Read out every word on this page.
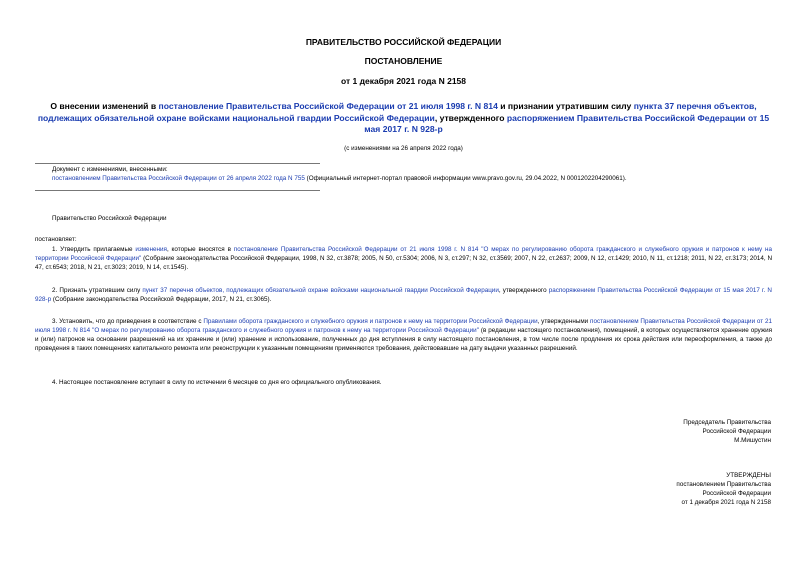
ПРАВИТЕЛЬСТВО РОССИЙСКОЙ ФЕДЕРАЦИИ
ПОСТАНОВЛЕНИЕ
от 1 декабря 2021 года N 2158
О внесении изменений в постановление Правительства Российской Федерации от 21 июля 1998 г. N 814 и признании утратившим силу пункта 37 перечня объектов, подлежащих обязательной охране войсками национальной гвардии Российской Федерации, утвержденного распоряжением Правительства Российской Федерации от 15 мая 2017 г. N 928-р
(с изменениями на 26 апреля 2022 года)
Документ с изменениями, внесенными:
постановлением Правительства Российской Федерации от 26 апреля 2022 года N 755 (Официальный интернет-портал правовой информации www.pravo.gov.ru, 29.04.2022, N 0001202204290061).
Правительство Российской Федерации
постановляет:
1. Утвердить прилагаемые изменения, которые вносятся в постановление Правительства Российской Федерации от 21 июля 1998 г. N 814 "О мерах по регулированию оборота гражданского и служебного оружия и патронов к нему на территории Российской Федерации" (Собрание законодательства Российской Федерации, 1998, N 32, ст.3878; 2005, N 50, ст.5304; 2006, N 3, ст.297; N 32, ст.3569; 2007, N 22, ст.2637; 2009, N 12, ст.1429; 2010, N 11, ст.1218; 2011, N 22, ст.3173; 2014, N 47, ст.6543; 2018, N 21, ст.3023; 2019, N 14, ст.1545).
2. Признать утратившим силу пункт 37 перечня объектов, подлежащих обязательной охране войсками национальной гвардии Российской Федерации, утвержденного распоряжением Правительства Российской Федерации от 15 мая 2017 г. N 928-р (Собрание законодательства Российской Федерации, 2017, N 21, ст.3065).
3. Установить, что до приведения в соответствие с Правилами оборота гражданского и служебного оружия и патронов к нему на территории Российской Федерации, утвержденными постановлением Правительства Российской Федерации от 21 июля 1998 г. N 814 "О мерах по регулированию оборота гражданского и служебного оружия и патронов к нему на территории Российской Федерации" (в редакции настоящего постановления), помещений, в которых осуществляется хранение оружия и (или) патронов на основании разрешений на их хранение и (или) хранение и использование, полученных до дня вступления в силу настоящего постановления, в том числе после продления их срока действия или переоформления, а также до проведения в таких помещениях капитального ремонта или реконструкции к указанным помещениям применяются требования, действовавшие на дату выдачи указанных разрешений.
4. Настоящее постановление вступает в силу по истечении 6 месяцев со дня его официального опубликования.
Председатель Правительства
Российской Федерации
М.Мишустин
УТВЕРЖДЕНЫ
постановлением Правительства
Российской Федерации
от 1 декабря 2021 года N 2158
